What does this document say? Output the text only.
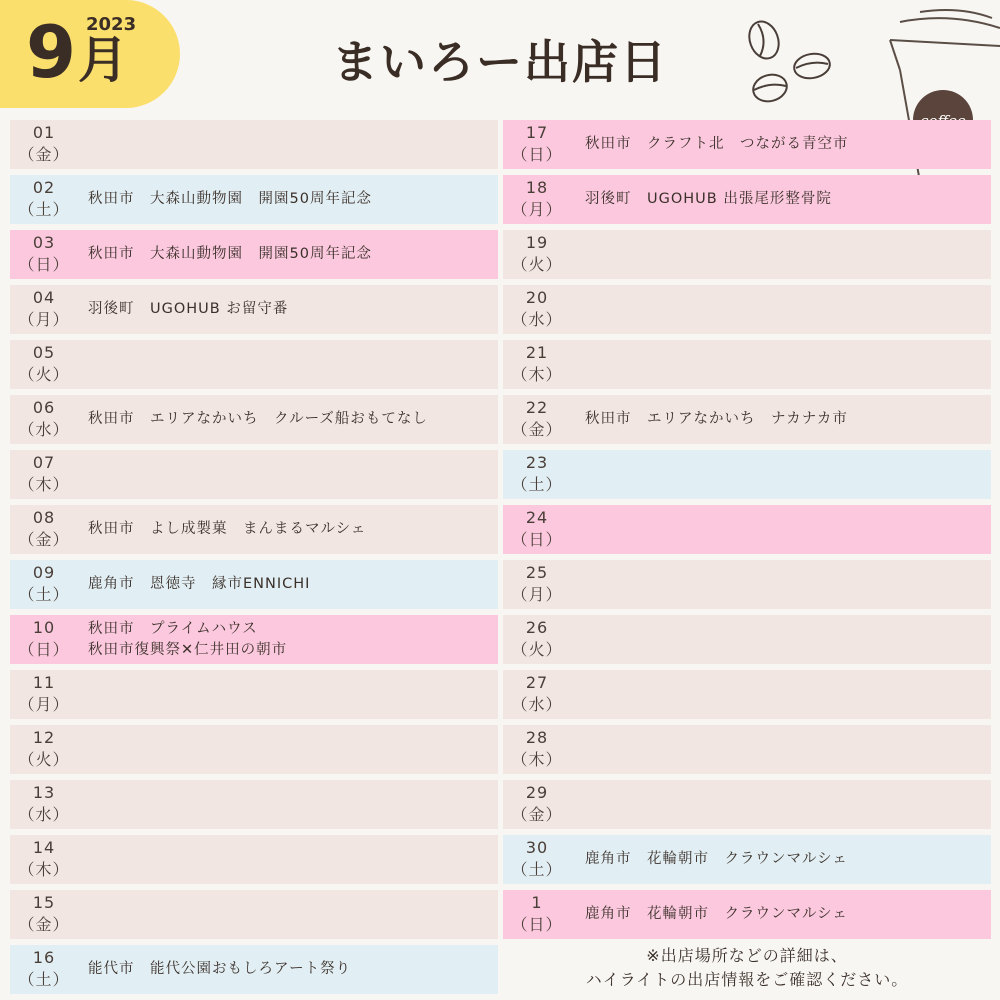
9 2023
月	まいろー出店日
01
（金）
02
（土）
秋田市　大森山動物園　開園50周年記念
03
（日）
秋田市　大森山動物園　開園50周年記念
04
（月）
羽後町　UGOHUB お留守番
05
（火）
06
（水）
秋田市　エリアなかいち　クルーズ船おもてなし
07
（木）
08
（金）
秋田市　よし成製菓　まんまるマルシェ
09
（土）
鹿角市　恩徳寺　縁市ENNICHI
10
（日）
秋田市　プライムハウス
秋田市復興祭✕仁井田の朝市
11
（月）
12
（火）
13
（水）
14
（木）
15
（金）
16
（土）
能代市　能代公園おもしろアート祭り
17
（日）
秋田市　クラフト北　つながる青空市
18
（月）
羽後町　UGOHUB 出張尾形整骨院
19
（火）
20
（水）
21
（木）
22
（金）
秋田市　エリアなかいち　ナカナカ市
23
（土）
24
（日）
25
（月）
26
（火）
27
（水）
28
（木）
29
（金）
30
（土）
鹿角市　花輪朝市　クラウンマルシェ
1
（日）
鹿角市　花輪朝市　クラウンマルシェ
※出店場所などの詳細は、
ハイライトの出店情報をご確認ください。
